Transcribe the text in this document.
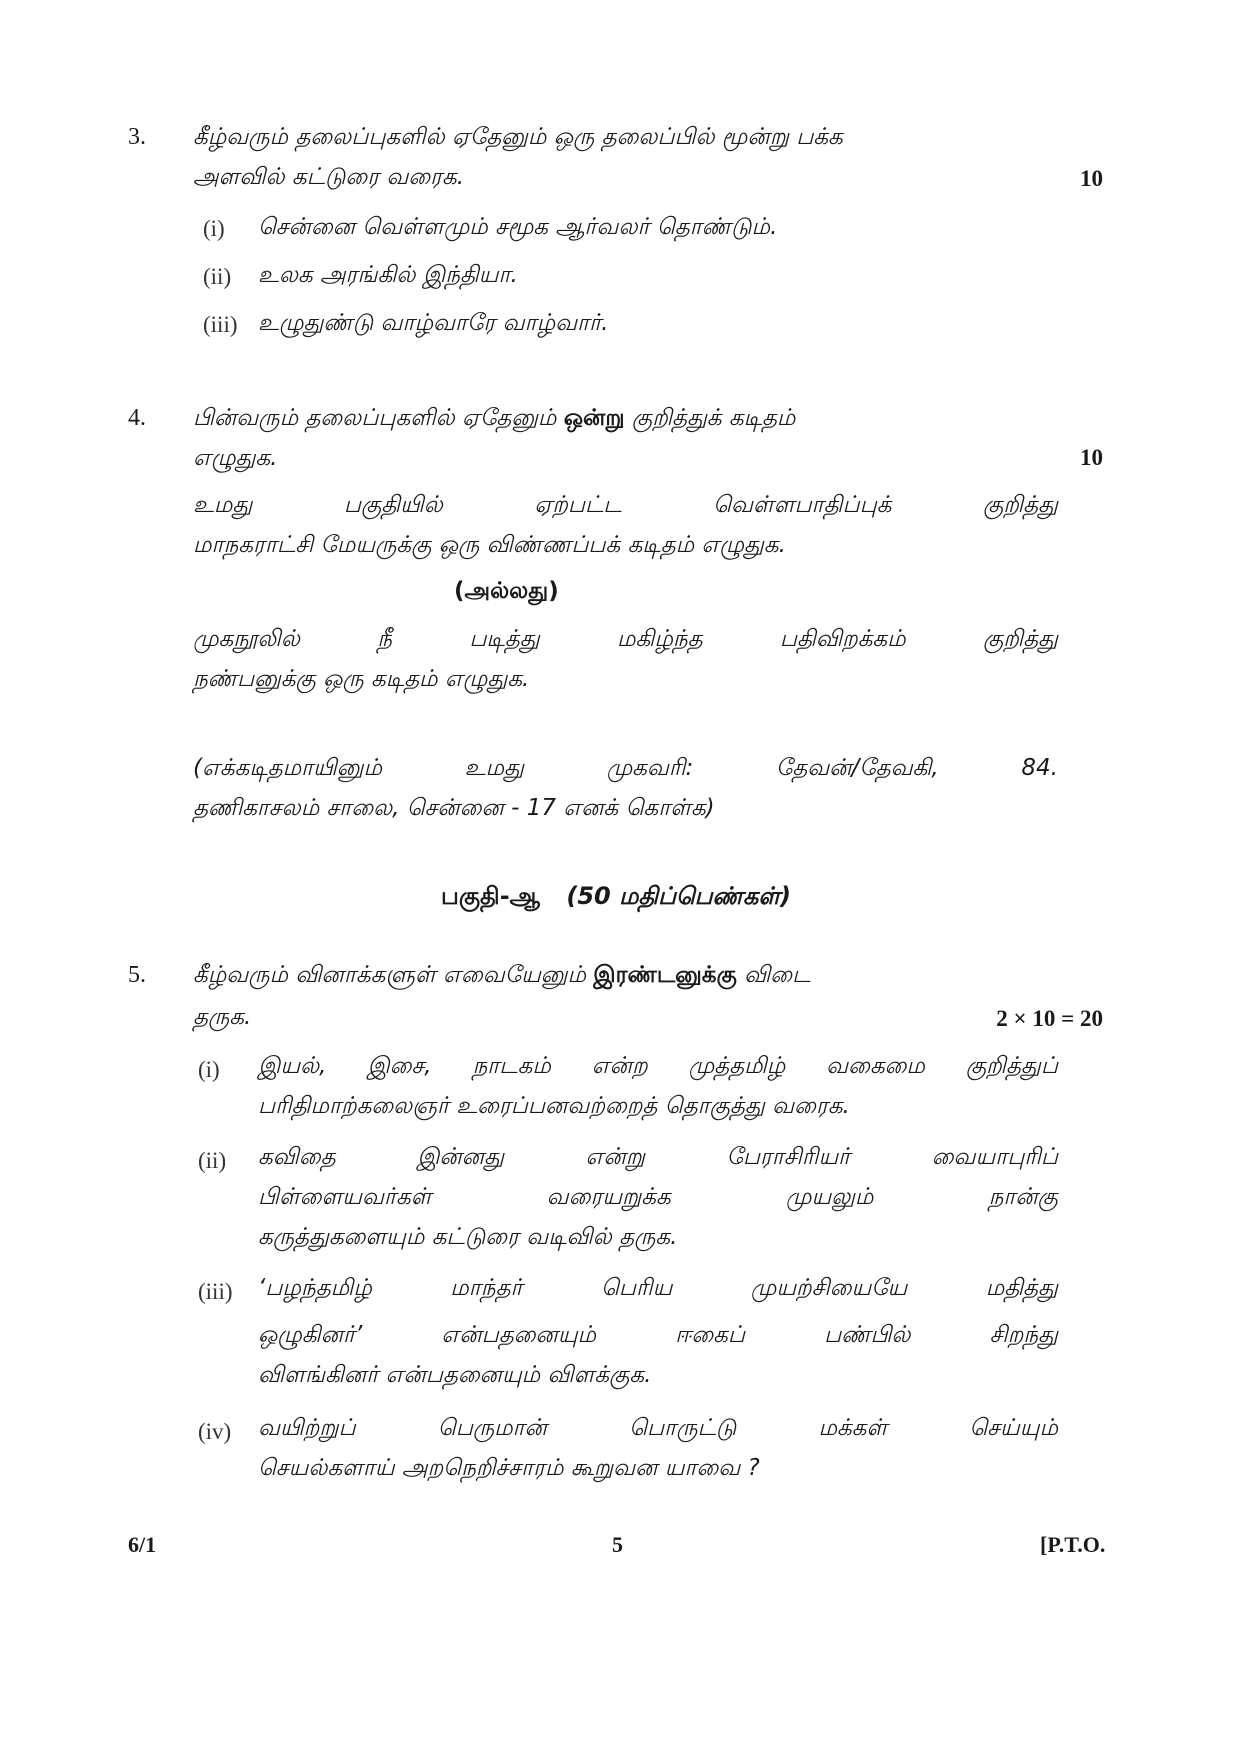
3. கீழ்வரும் தலைப்புகளில் ஏதேனும் ஒரு தலைப்பில் மூன்று பக்க
அளவில் கட்டுரை வரைக.	10
(i) சென்னை வெள்ளமும் சமூக ஆர்வலர் தொண்டும்.
(ii) உலக அரங்கில் இந்தியா.
(iii) உழுதுண்டு வாழ்வாரே வாழ்வார்.
4. பின்வரும் தலைப்புகளில் ஏதேனும் ஒன்று குறித்துக் கடிதம்
எழுதுக.	10
உமது பகுதியில் ஏற்பட்ட வெள்ளபாதிப்புக் குறித்து
மாநகராட்சி மேயருக்கு ஒரு விண்ணப்பக் கடிதம் எழுதுக.
(அல்லது)
முகநூலில் நீ படித்து மகிழ்ந்த பதிவிறக்கம் குறித்து
நண்பனுக்கு ஒரு கடிதம் எழுதுக.
(எக்கடிதமாயினும் உமது முகவரி: தேவன்/தேவகி, 84.
தணிகாசலம் சாலை, சென்னை - 17 எனக் கொள்க)
பகுதி-ஆ (50 மதிப்பெண்கள்)
5. கீழ்வரும் வினாக்களுள் எவையேனும் இரண்டனுக்கு விடை
தருக.	2 × 10 = 20
(i) இயல், இசை, நாடகம் என்ற முத்தமிழ் வகைமை குறித்துப்
பரிதிமாற்கலைஞர் உரைப்பனவற்றைத் தொகுத்து வரைக.
(ii) கவிதை இன்னது என்று பேராசிரியர் வையாபுரிப்
பிள்ளையவர்கள் வரையறுக்க முயலும் நான்கு
கருத்துகளையும் கட்டுரை வடிவில் தருக.
(iii) ‘பழந்தமிழ் மாந்தர் பெரிய முயற்சியையே மதித்து
ஒழுகினர்’ என்பதனையும் ஈகைப் பண்பில் சிறந்து
விளங்கினர் என்பதனையும் விளக்குக.
(iv) வயிற்றுப் பெருமான் பொருட்டு மக்கள் செய்யும்
செயல்களாய் அறநெறிச்சாரம் கூறுவன யாவை ?
6/1	5	[P.T.O.
